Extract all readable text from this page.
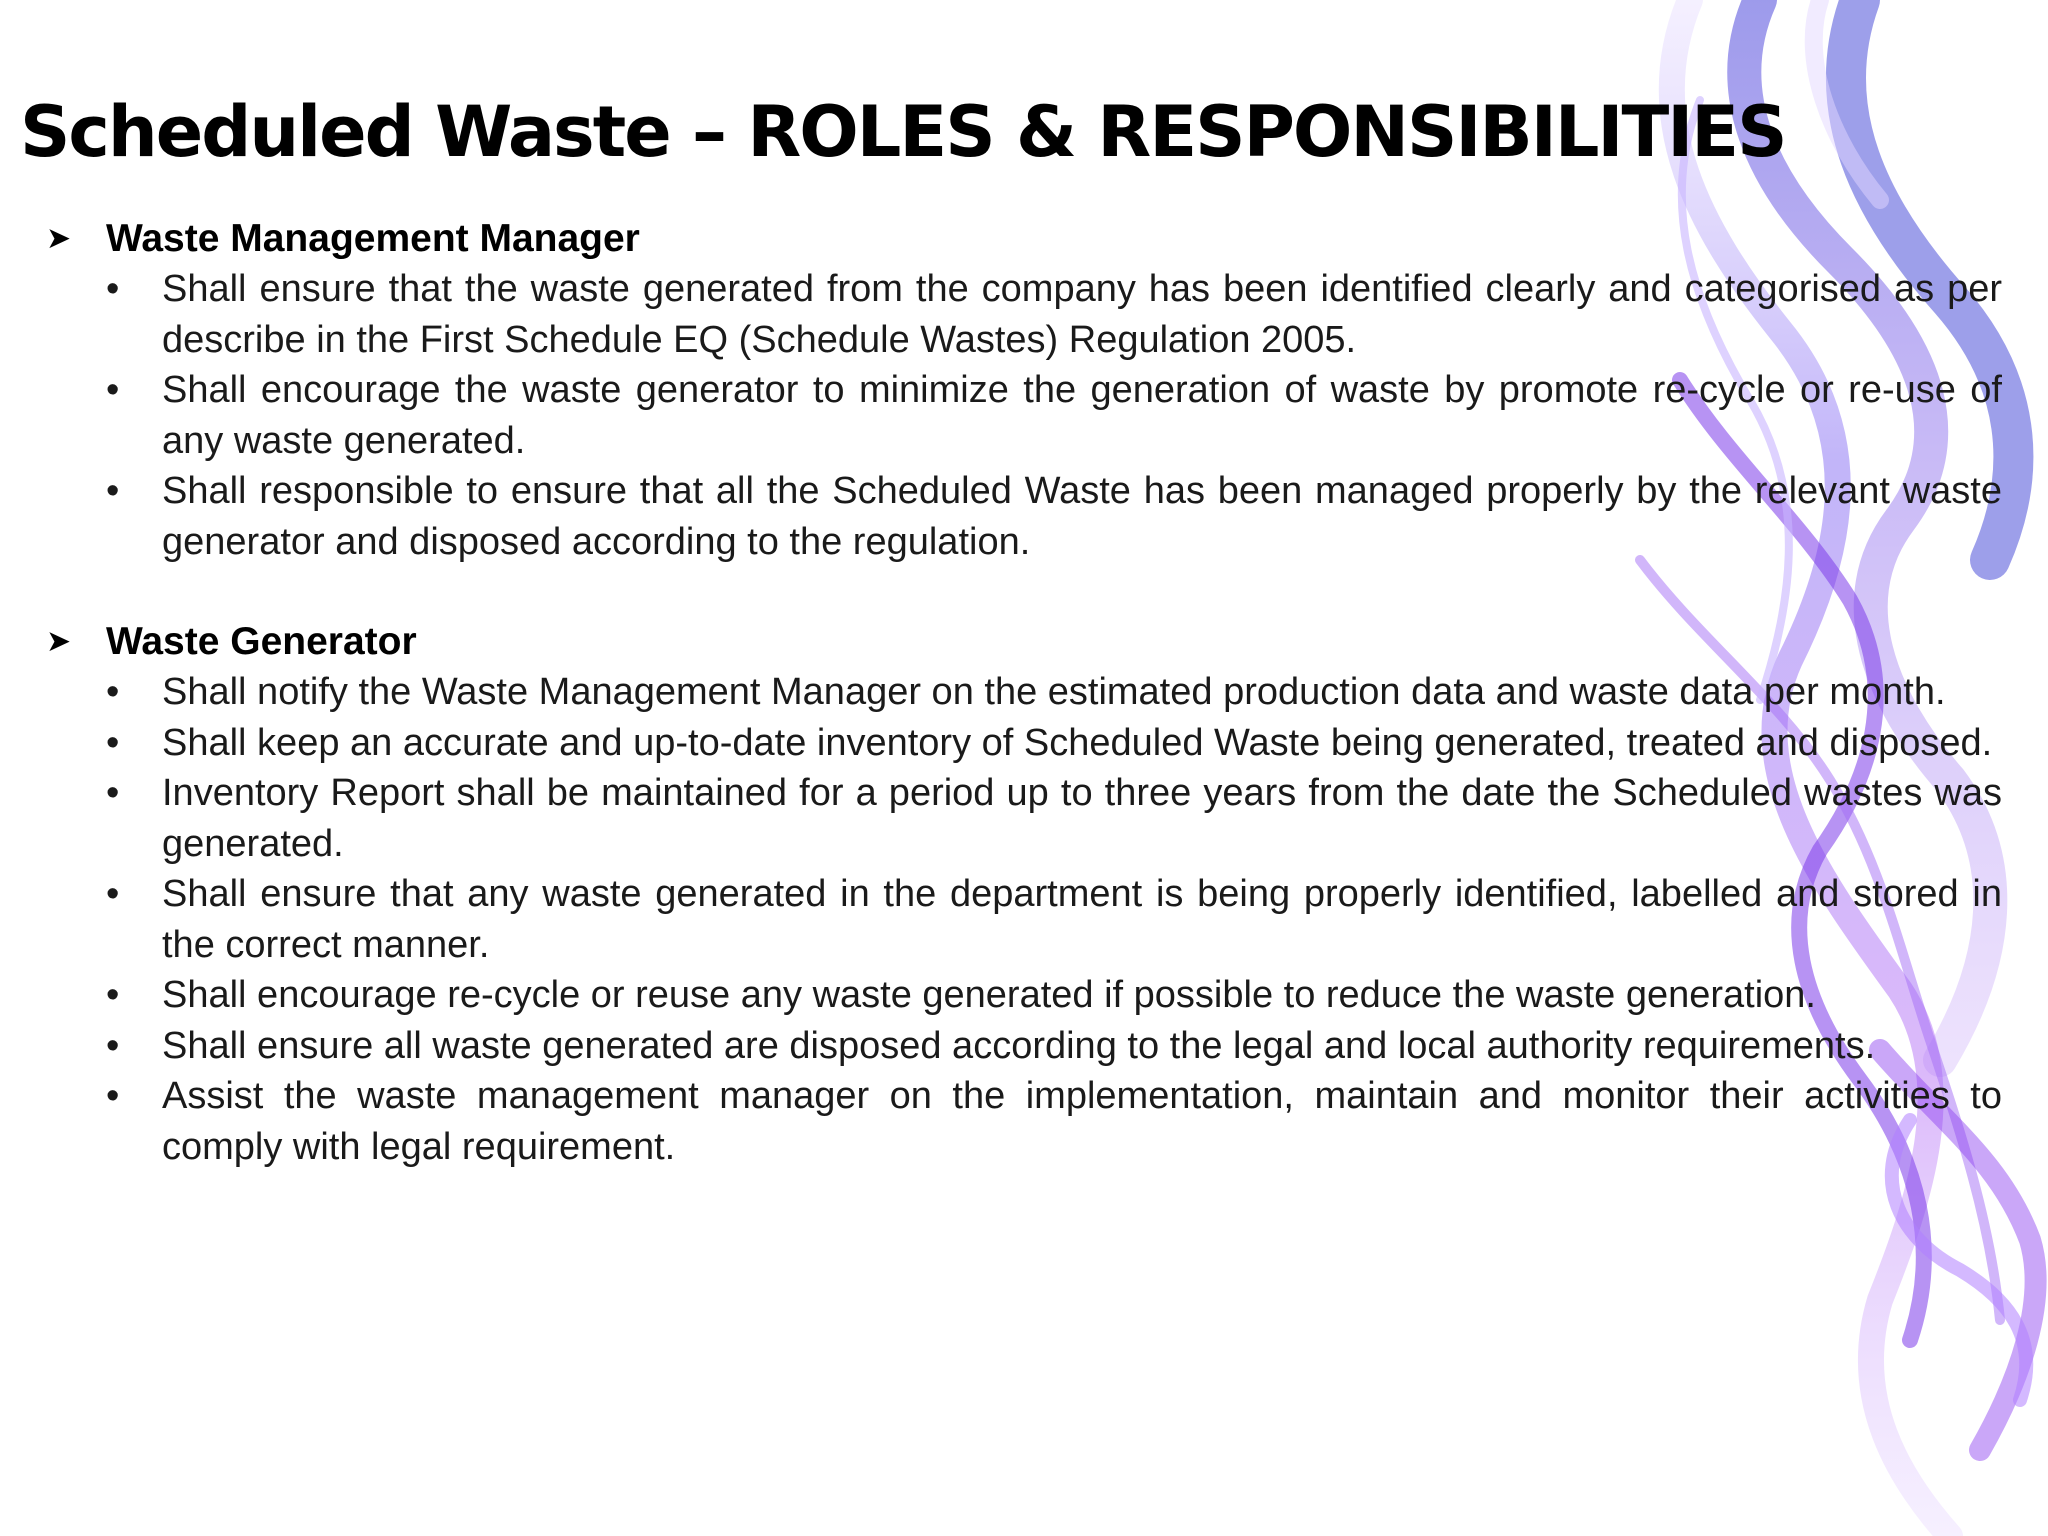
Scheduled Waste – ROLES & RESPONSIBILITIES
➤ Waste Management Manager
•	Shall ensure that the waste generated from the company has been identified clearly and categorised as per describe in the First Schedule EQ (Schedule Wastes) Regulation 2005.
•	Shall encourage the waste generator to minimize the generation of waste by promote re-cycle or re-use of any waste generated.
•	Shall responsible to ensure that all the Scheduled Waste has been managed properly by the relevant waste generator and disposed according to the regulation.
➤ Waste Generator
•	Shall notify the Waste Management Manager on the estimated production data and waste data per month.
•	Shall keep an accurate and up-to-date inventory of Scheduled Waste being generated, treated and disposed.
•	Inventory Report shall be maintained for a period up to three years from the date the Scheduled wastes was generated.
•	Shall ensure that any waste generated in the department is being properly identified, labelled and stored in the correct manner.
•	Shall encourage re-cycle or reuse any waste generated if possible to reduce the waste generation.
•	Shall ensure all waste generated are disposed according to the legal and local authority requirements.
•	Assist the waste management manager on the implementation, maintain and monitor their activities to comply with legal requirement.
